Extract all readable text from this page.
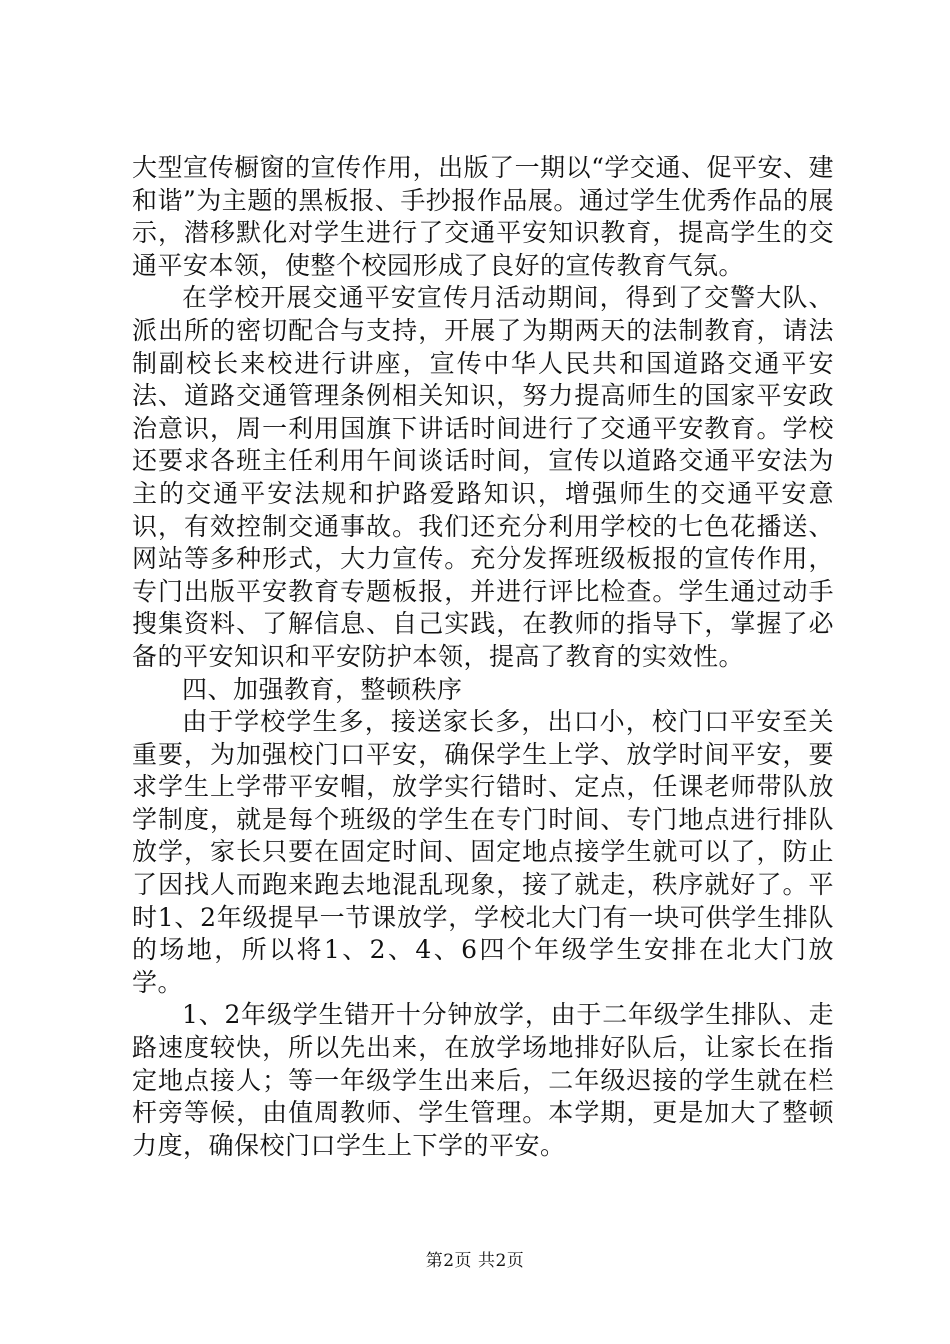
大型宣传橱窗的宣传作用，出版了一期以“学交通、促平安、建和谐”为主题的黑板报、手抄报作品展。通过学生优秀作品的展示，潜移默化对学生进行了交通平安知识教育，提高学生的交通平安本领，使整个校园形成了良好的宣传教育气氛。

在学校开展交通平安宣传月活动期间，得到了交警大队、派出所的密切配合与支持，开展了为期两天的法制教育，请法制副校长来校进行讲座，宣传中华人民共和国道路交通平安法、道路交通管理条例相关知识，努力提高师生的国家平安政治意识，周一利用国旗下讲话时间进行了交通平安教育。学校还要求各班主任利用午间谈话时间，宣传以道路交通平安法为主的交通平安法规和护路爱路知识，增强师生的交通平安意识，有效控制交通事故。我们还充分利用学校的七色花播送、网站等多种形式，大力宣传。充分发挥班级板报的宣传作用，专门出版平安教育专题板报，并进行评比检查。学生通过动手搜集资料、了解信息、自己实践，在教师的指导下，掌握了必备的平安知识和平安防护本领，提高了教育的实效性。

四、加强教育，整顿秩序

由于学校学生多，接送家长多，出口小，校门口平安至关重要，为加强校门口平安，确保学生上学、放学时间平安，要求学生上学带平安帽，放学实行错时、定点，任课老师带队放学制度，就是每个班级的学生在专门时间、专门地点进行排队放学，家长只要在固定时间、固定地点接学生就可以了，防止了因找人而跑来跑去地混乱现象，接了就走，秩序就好了。平时1、2年级提早一节课放学，学校北大门有一块可供学生排队的场地，所以将1、2、4、6四个年级学生安排在北大门放学。

1、2年级学生错开十分钟放学，由于二年级学生排队、走路速度较快，所以先出来，在放学场地排好队后，让家长在指定地点接人；等一年级学生出来后，二年级迟接的学生就在栏杆旁等候，由值周教师、学生管理。本学期，更是加大了整顿力度，确保校门口学生上下学的平安。

第2页 共2页
